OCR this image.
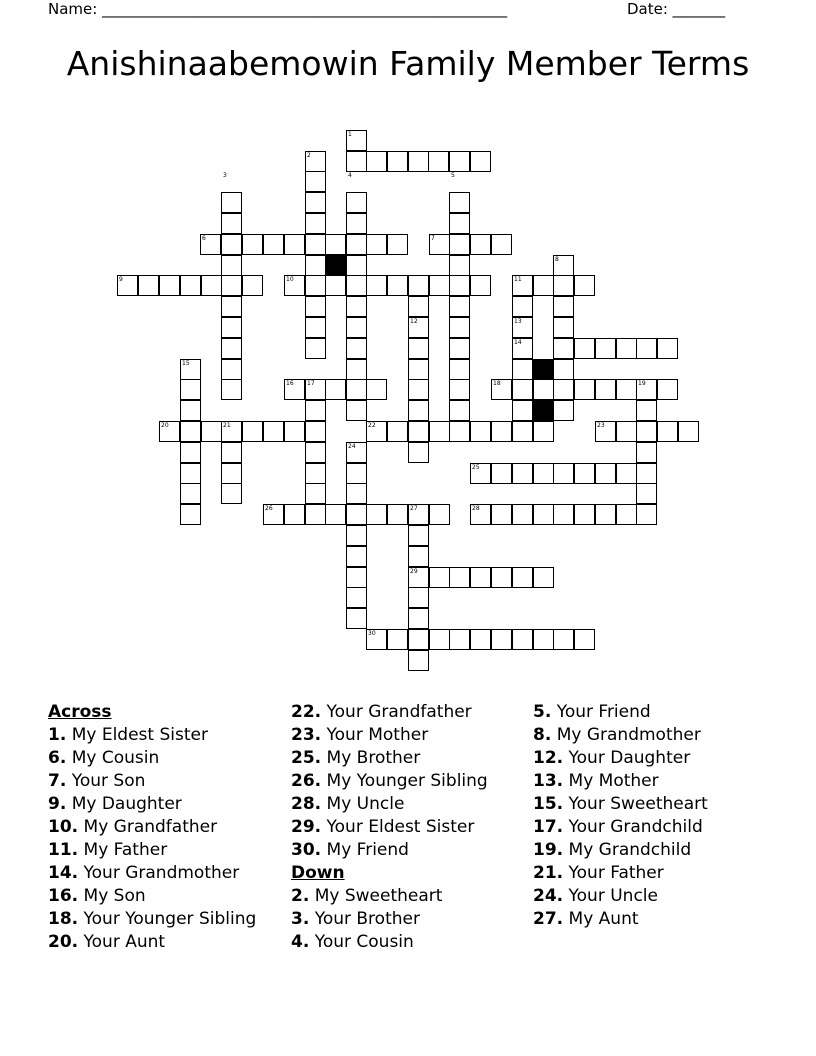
Name: ______________________________________________________	Date: _______
Anishinaabemowin Family Member Terms
1
2
3	4	5
6	7
8
9	10	11
12	13
14
15
16 17	18	19
20	21	22	23
24
25
26	27	28
29
30
Across
1. My Eldest Sister
6. My Cousin
7. Your Son
9. My Daughter
10. My Grandfather
11. My Father
14. Your Grandmother
16. My Son
18. Your Younger Sibling
20. Your Aunt
22. Your Grandfather
23. Your Mother
25. My Brother
26. My Younger Sibling
28. My Uncle
29. Your Eldest Sister
30. My Friend
Down
2. My Sweetheart
3. Your Brother
4. Your Cousin
5. Your Friend
8. My Grandmother
12. Your Daughter
13. My Mother
15. Your Sweetheart
17. Your Grandchild
19. My Grandchild
21. Your Father
24. Your Uncle
27. My Aunt
